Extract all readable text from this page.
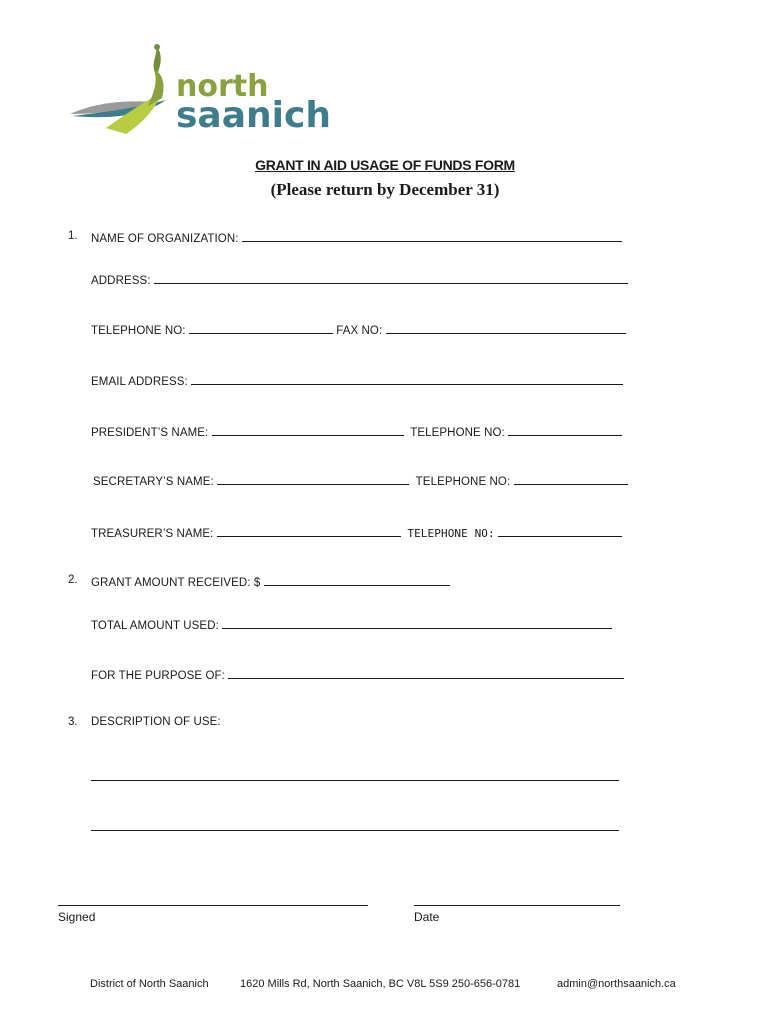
north
saanich
GRANT IN AID USAGE OF FUNDS FORM
(Please return by December 31)
1. NAME OF ORGANIZATION:
ADDRESS:
TELEPHONE NO:	FAX NO:
EMAIL ADDRESS:
PRESIDENT’S NAME:	TELEPHONE NO:
SECRETARY’S NAME:	TELEPHONE NO:
TREASURER’S NAME:	TELEPHONE NO:
2. GRANT AMOUNT RECEIVED: $
TOTAL AMOUNT USED:
FOR THE PURPOSE OF:
3. DESCRIPTION OF USE:
Signed	Date
District of North Saanich	1620 Mills Rd, North Saanich, BC V8L 5S9 250-656-0781	admin@northsaanich.ca
